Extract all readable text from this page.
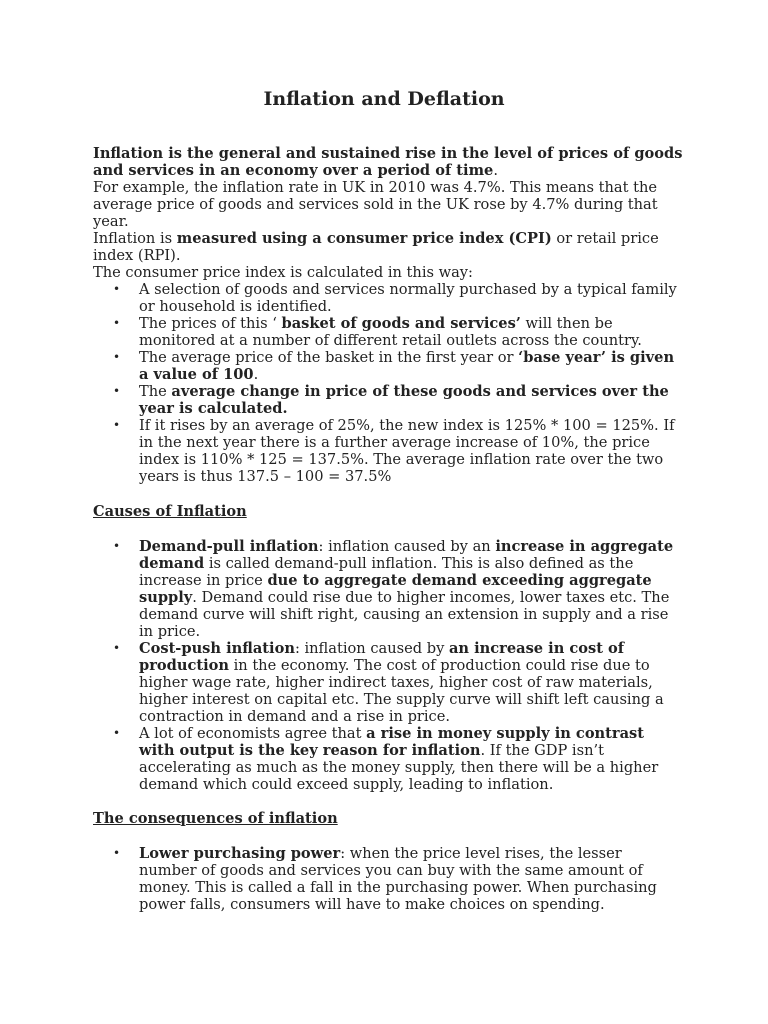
Inflation and Deflation

Inflation is the general and sustained rise in the level of prices of goods and services in an economy over a period of time.

For example, the inflation rate in UK in 2010 was 4.7%. This means that the average price of goods and services sold in the UK rose by 4.7% during that year.

Inflation is measured using a consumer price index (CPI) or retail price index (RPI).

The consumer price index is calculated in this way:

• A selection of goods and services normally purchased by a typical family or household is identified.
• The prices of this ‘ basket of goods and services’ will then be monitored at a number of different retail outlets across the country.
• The average price of the basket in the first year or ‘base year’ is given a value of 100.
• The average change in price of these goods and services over the year is calculated.
• If it rises by an average of 25%, the new index is 125% * 100 = 125%. If in the next year there is a further average increase of 10%, the price index is 110% * 125 = 137.5%. The average inflation rate over the two years is thus 137.5 – 100 = 37.5%
Causes of Inflation
• Demand-pull inflation: inflation caused by an increase in aggregate demand is called demand-pull inflation. This is also defined as the increase in price due to aggregate demand exceeding aggregate supply. Demand could rise due to higher incomes, lower taxes etc. The demand curve will shift right, causing an extension in supply and a rise in price.
• Cost-push inflation: inflation caused by an increase in cost of production in the economy. The cost of production could rise due to higher wage rate, higher indirect taxes, higher cost of raw materials, higher interest on capital etc. The supply curve will shift left causing a contraction in demand and a rise in price.
• A lot of economists agree that a rise in money supply in contrast with output is the key reason for inflation. If the GDP isn’t accelerating as much as the money supply, then there will be a higher demand which could exceed supply, leading to inflation.
The consequences of inflation
• Lower purchasing power: when the price level rises, the lesser number of goods and services you can buy with the same amount of money. This is called a fall in the purchasing power. When purchasing power falls, consumers will have to make choices on spending.
